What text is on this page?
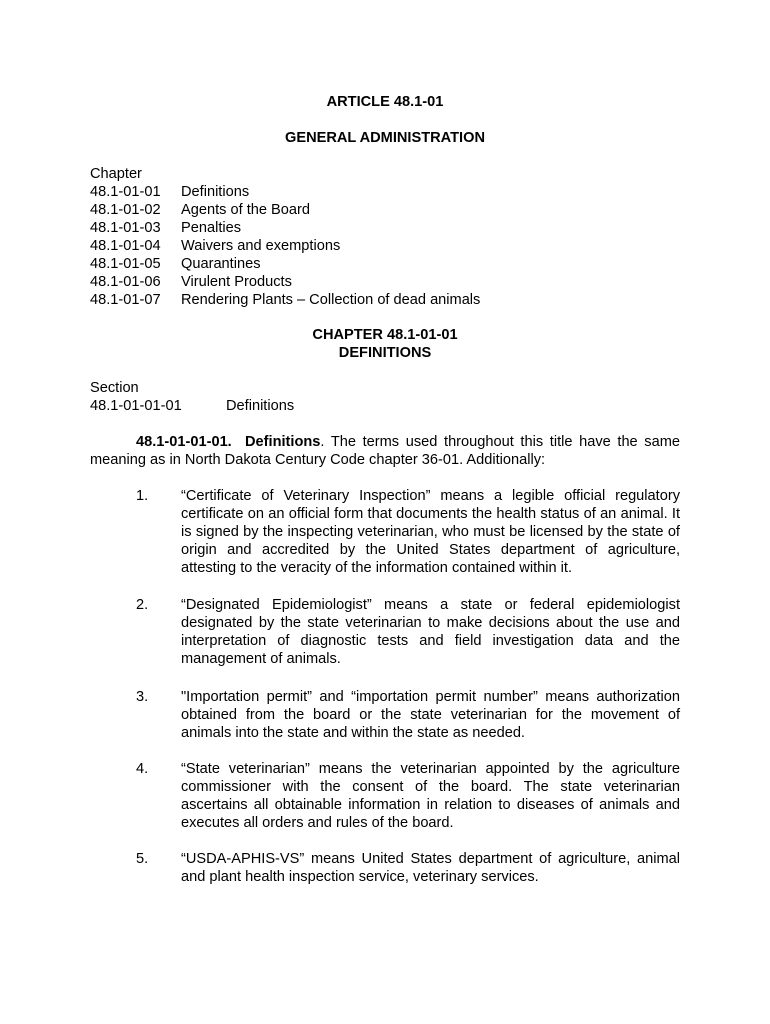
ARTICLE 48.1-01
GENERAL ADMINISTRATION
Chapter
48.1-01-01 Definitions
48.1-01-02 Agents of the Board
48.1-01-03 Penalties
48.1-01-04 Waivers and exemptions
48.1-01-05 Quarantines
48.1-01-06 Virulent Products
48.1-01-07 Rendering Plants – Collection of dead animals
CHAPTER 48.1-01-01
DEFINITIONS
Section
48.1-01-01-01	Definitions
48.1-01-01-01. Definitions. The terms used throughout this title have the same meaning as in North Dakota Century Code chapter 36-01. Additionally:
1. “Certificate of Veterinary Inspection” means a legible official regulatory certificate on an official form that documents the health status of an animal. It is signed by the inspecting veterinarian, who must be licensed by the state of origin and accredited by the United States department of agriculture, attesting to the veracity of the information contained within it.
2. “Designated Epidemiologist” means a state or federal epidemiologist designated by the state veterinarian to make decisions about the use and interpretation of diagnostic tests and field investigation data and the management of animals.
3. "Importation permit” and “importation permit number” means authorization obtained from the board or the state veterinarian for the movement of animals into the state and within the state as needed.
4. “State veterinarian” means the veterinarian appointed by the agriculture commissioner with the consent of the board. The state veterinarian ascertains all obtainable information in relation to diseases of animals and executes all orders and rules of the board.
5. “USDA-APHIS-VS” means United States department of agriculture, animal and plant health inspection service, veterinary services.
